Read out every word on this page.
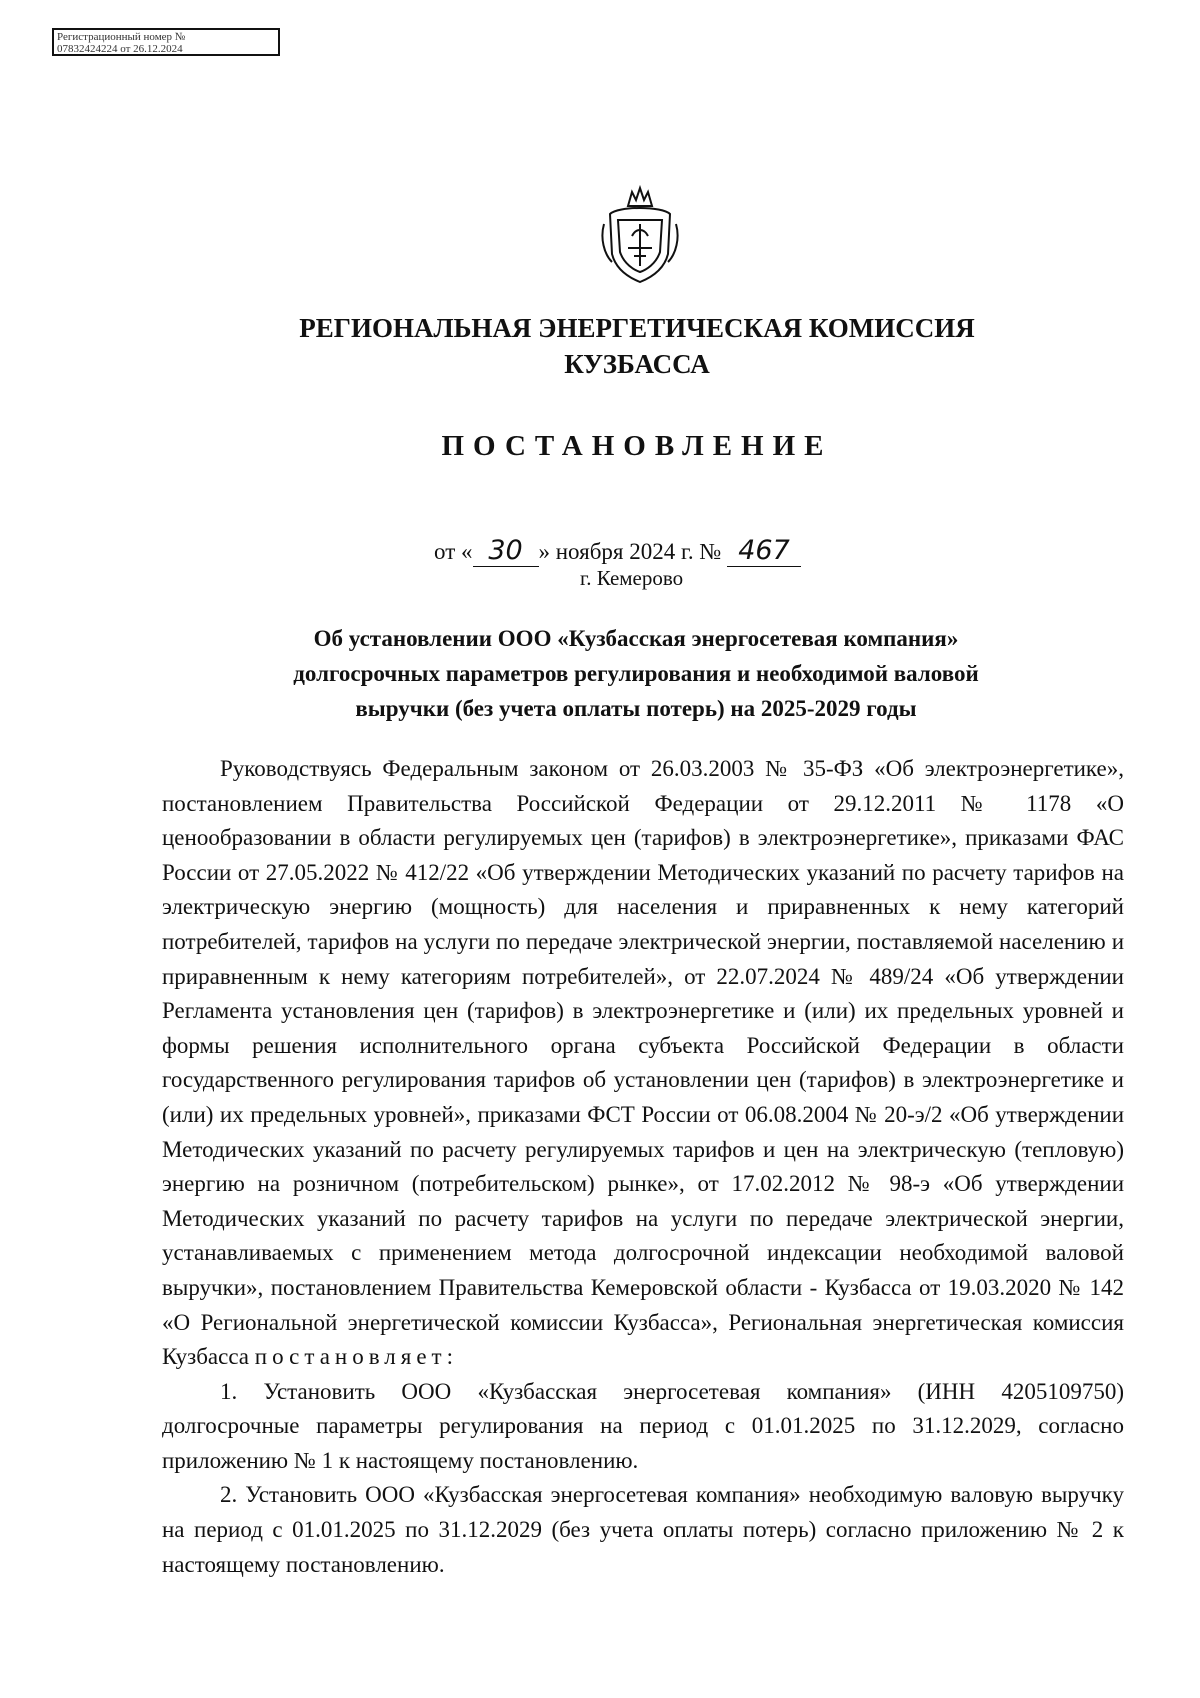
Регистрационный номер №
07832424224 от 26.12.2024
РЕГИОНАЛЬНАЯ ЭНЕРГЕТИЧЕСКАЯ КОМИССИЯ
КУЗБАССА
ПОСТАНОВЛЕНИЕ
от « 30 » ноября 2024 г. № 467
г. Кемерово
Об установлении ООО «Кузбасская энергосетевая компания»
долгосрочных параметров регулирования и необходимой валовой
выручки (без учета оплаты потерь) на 2025-2029 годы

Руководствуясь Федеральным законом от 26.03.2003 № 35-ФЗ «Об электроэнергетике», постановлением Правительства Российской Федерации от 29.12.2011 № 1178 «О ценообразовании в области регулируемых цен (тарифов) в электроэнергетике», приказами ФАС России от 27.05.2022 № 412/22 «Об утверждении Методических указаний по расчету тарифов на электрическую энергию (мощность) для населения и приравненных к нему категорий потребителей, тарифов на услуги по передаче электрической энергии, поставляемой населению и приравненным к нему категориям потребителей», от 22.07.2024 № 489/24 «Об утверждении Регламента установления цен (тарифов) в электроэнергетике и (или) их предельных уровней и формы решения исполнительного органа субъекта Российской Федерации в области государственного регулирования тарифов об установлении цен (тарифов) в электроэнергетике и (или) их предельных уровней», приказами ФСТ России от 06.08.2004 № 20-э/2 «Об утверждении Методических указаний по расчету регулируемых тарифов и цен на электрическую (тепловую) энергию на розничном (потребительском) рынке», от 17.02.2012 № 98-э «Об утверждении Методических указаний по расчету тарифов на услуги по передаче электрической энергии, устанавливаемых с применением метода долгосрочной индексации необходимой валовой выручки», постановлением Правительства Кемеровской области - Кузбасса от 19.03.2020 № 142 «О Региональной энергетической комиссии Кузбасса», Региональная энергетическая комиссия Кузбасса постановляет:

1. Установить ООО «Кузбасская энергосетевая компания» (ИНН 4205109750) долгосрочные параметры регулирования на период с 01.01.2025 по 31.12.2029, согласно приложению № 1 к настоящему постановлению.

2. Установить ООО «Кузбасская энергосетевая компания» необходимую валовую выручку на период с 01.01.2025 по 31.12.2029 (без учета оплаты потерь) согласно приложению № 2 к настоящему постановлению.
